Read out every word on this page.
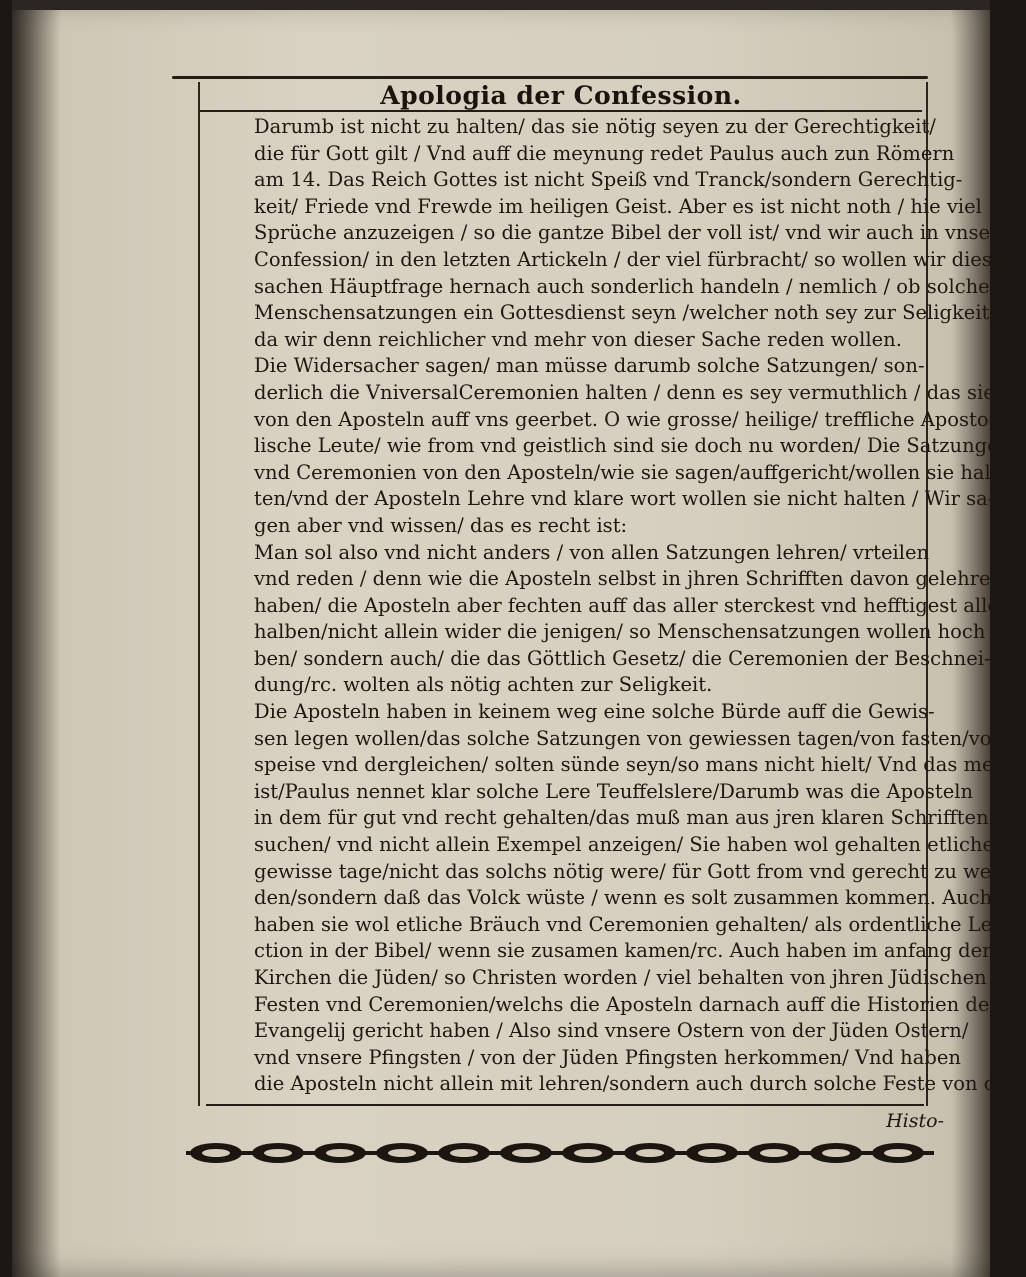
Apologia der Confession.

Darumb ist nicht zu halten/ das sie nötig seyen zu der Gerechtigkeit/
die für Gott gilt / Vnd auff die meynung redet Paulus auch zun Römern
am 14. Das Reich Gottes ist nicht Speiß vnd Tranck/sondern Gerechtig-
keit/ Friede vnd Frewde im heiligen Geist. Aber es ist nicht noth / hie viel
Sprüche anzuzeigen / so die gantze Bibel der voll ist/ vnd wir auch in vnser
Confession/ in den letzten Artickeln / der viel fürbracht/ so wollen wir dieser
sachen Häuptfrage hernach auch sonderlich handeln / nemlich / ob solche
Menschensatzungen ein Gottesdienst seyn /welcher noth sey zur Seligkeit/
da wir denn reichlicher vnd mehr von dieser Sache reden wollen.

Die Widersacher sagen/ man müsse darumb solche Satzungen/ son-
derlich die VniversalCeremonien halten / denn es sey vermuthlich / das sie
von den Aposteln auff vns geerbet. O wie grosse/ heilige/ treffliche Aposto-
lische Leute/ wie from vnd geistlich sind sie doch nu worden/ Die Satzungen
vnd Ceremonien von den Aposteln/wie sie sagen/auffgericht/wollen sie hal-
ten/vnd der Aposteln Lehre vnd klare wort wollen sie nicht halten / Wir sa-
gen aber vnd wissen/ das es recht ist:

Man sol also vnd nicht anders / von allen Satzungen lehren/ vrteilen
vnd reden / denn wie die Aposteln selbst in jhren Schrifften davon gelehret
haben/ die Aposteln aber fechten auff das aller sterckest vnd hefftigest allent-
halben/nicht allein wider die jenigen/ so Menschensatzungen wollen hoch he-
ben/ sondern auch/ die das Göttlich Gesetz/ die Ceremonien der Beschnei-
dung/rc. wolten als nötig achten zur Seligkeit.

Die Aposteln haben in keinem weg eine solche Bürde auff die Gewis-
sen legen wollen/das solche Satzungen von gewiessen tagen/von fasten/von
speise vnd dergleichen/ solten sünde seyn/so mans nicht hielt/ Vnd das mehr
ist/Paulus nennet klar solche Lere Teuffelslere/Darumb was die Aposteln
in dem für gut vnd recht gehalten/das muß man aus jren klaren Schrifften
suchen/ vnd nicht allein Exempel anzeigen/ Sie haben wol gehalten etliche
gewisse tage/nicht das solchs nötig were/ für Gott from vnd gerecht zu wer-
den/sondern daß das Volck wüste / wenn es solt zusammen kommen. Auch
haben sie wol etliche Bräuch vnd Ceremonien gehalten/ als ordentliche Le-
ction in der Bibel/ wenn sie zusamen kamen/rc. Auch haben im anfang der
Kirchen die Jüden/ so Christen worden / viel behalten von jhren Jüdischen
Festen vnd Ceremonien/welchs die Aposteln darnach auff die Historien des
Evangelij gericht haben / Also sind vnsere Ostern von der Jüden Ostern/
vnd vnsere Pfingsten / von der Jüden Pfingsten herkommen/ Vnd haben
die Aposteln nicht allein mit lehren/sondern auch durch solche Feste von der

Histo-
